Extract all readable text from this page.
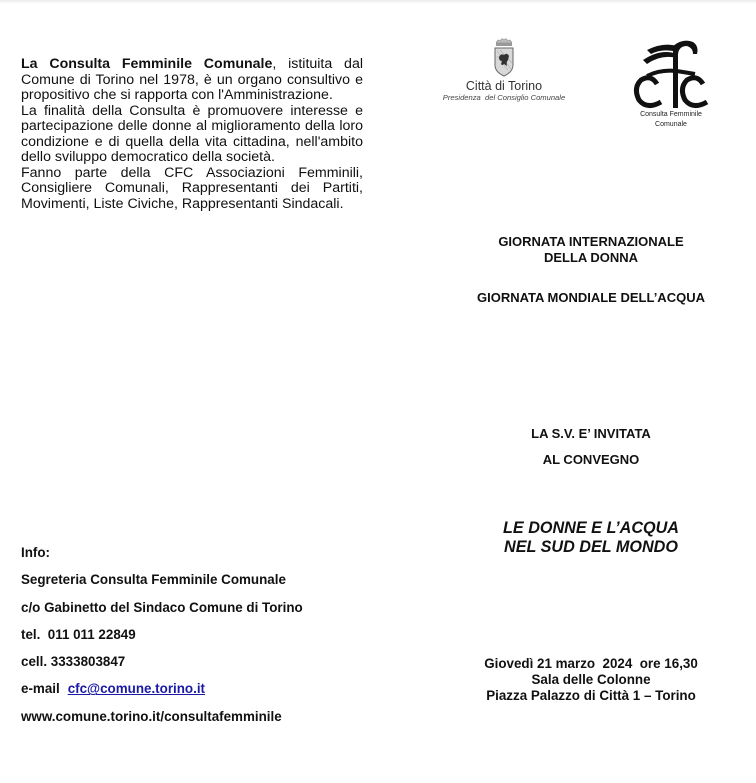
La Consulta Femminile Comunale, istituita dal Comune di Torino nel 1978, è un organo consultivo e propositivo che si rapporta con l'Amministrazione.

La finalità della Consulta è promuovere interesse e partecipazione delle donne al miglioramento della loro condizione e di quella della vita cittadina, nell'ambito dello sviluppo democratico della società.

Fanno parte della CFC Associazioni Femminili, Consigliere Comunali, Rappresentanti dei Partiti, Movimenti, Liste Civiche, Rappresentanti Sindacali.

Info:
Segreteria Consulta Femminile Comunale
c/o Gabinetto del Sindaco Comune di Torino
tel.  011 011 22849
cell. 3333803847
e-mail cfc@comune.torino.it
www.comune.torino.it/consultafemminile
Città di Torino
Presidenza  del Consiglio Comunale
Consulta Femminile
Comunale
GIORNATA INTERNAZIONALE
DELLA DONNA
GIORNATA MONDIALE DELL’ACQUA
LA S.V. E’ INVITATA
AL CONVEGNO
LE DONNE E L’ACQUA
NEL SUD DEL MONDO
Giovedì 21 marzo  2024  ore 16,30
Sala delle Colonne
Piazza Palazzo di Città 1 – Torino
